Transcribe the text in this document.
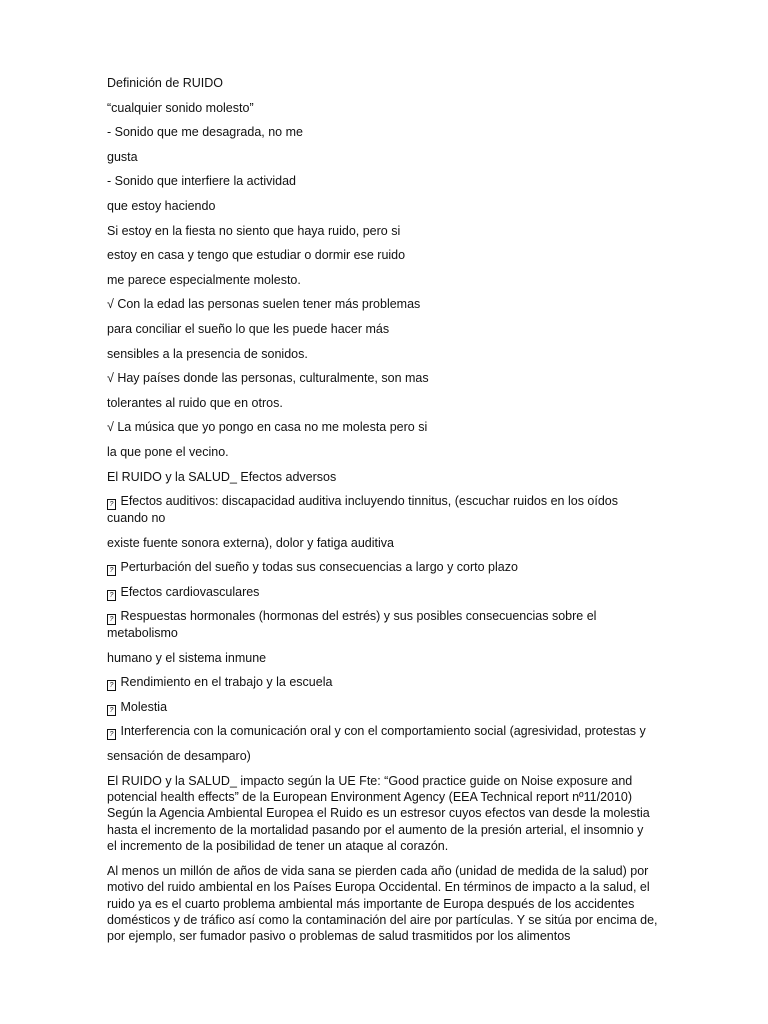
Definición de RUIDO

“cualquier sonido molesto”

- Sonido que me desagrada, no me

gusta

- Sonido que interfiere la actividad

que estoy haciendo

Si estoy en la fiesta no siento que haya ruido, pero si

estoy en casa y tengo que estudiar o dormir ese ruido

me parece especialmente molesto.

√ Con la edad las personas suelen tener más problemas

para conciliar el sueño lo que les puede hacer más

sensibles a la presencia de sonidos.

√ Hay países donde las personas, culturalmente, son mas

tolerantes al ruido que en otros.

√ La música que yo pongo en casa no me molesta pero si

la que pone el vecino.

El RUIDO y la SALUD_ Efectos adversos

? Efectos auditivos: discapacidad auditiva incluyendo tinnitus, (escuchar ruidos en los oídos
cuando no

existe fuente sonora externa), dolor y fatiga auditiva

? Perturbación del sueño y todas sus consecuencias a largo y corto plazo

? Efectos cardiovasculares

? Respuestas hormonales (hormonas del estrés) y sus posibles consecuencias sobre el
metabolismo

humano y el sistema inmune

? Rendimiento en el trabajo y la escuela

? Molestia

? Interferencia con la comunicación oral y con el comportamiento social (agresividad, protestas y

sensación de desamparo)

El RUIDO y la SALUD_ impacto según la UE Fte: “Good practice guide on Noise exposure and
potencial health effects” de la European Environment Agency (EEA Technical report nº11/2010)
Según la Agencia Ambiental Europea el Ruido es un estresor cuyos efectos van desde la molestia
hasta el incremento de la mortalidad pasando por el aumento de la presión arterial, el insomnio y
el incremento de la posibilidad de tener un ataque al corazón.
Al menos un millón de años de vida sana se pierden cada año (unidad de medida de la salud) por
motivo del ruido ambiental en los Países Europa Occidental. En términos de impacto a la salud, el
ruido ya es el cuarto problema ambiental más importante de Europa después de los accidentes
domésticos y de tráfico así como la contaminación del aire por partículas. Y se sitúa por encima de,
por ejemplo, ser fumador pasivo o problemas de salud trasmitidos por los alimentos
